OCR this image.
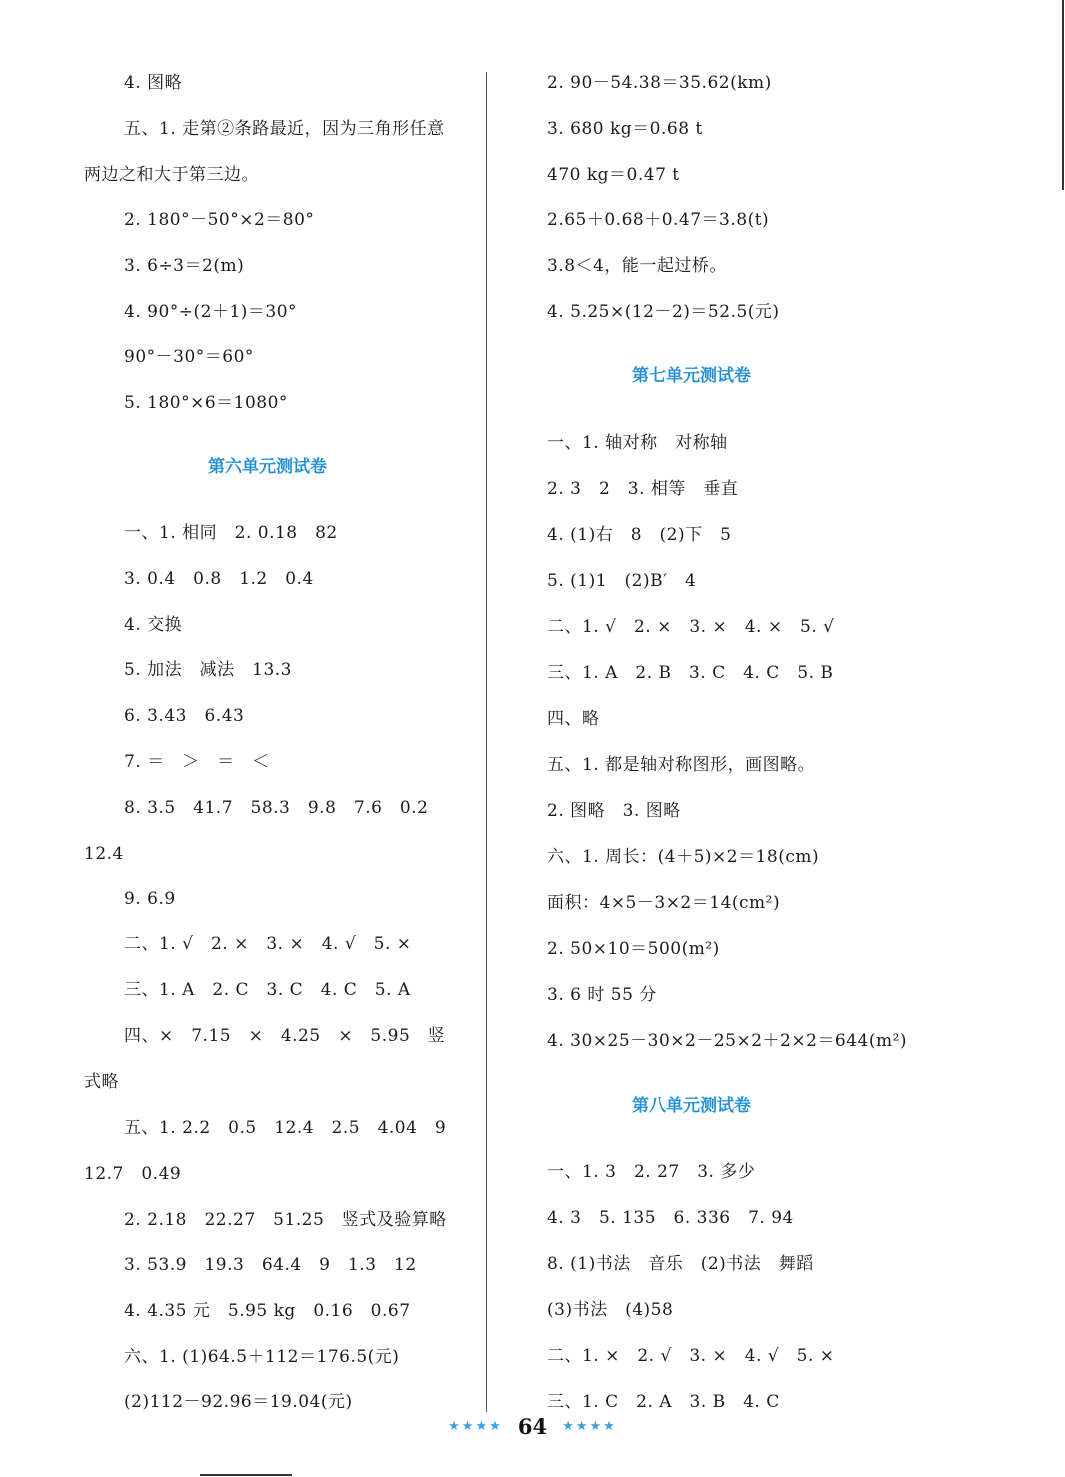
4. 图略
五、1. 走第②条路最近，因为三角形任意
两边之和大于第三边。
2. 180°－50°×2＝80°
3. 6÷3＝2(m)
4. 90°÷(2＋1)＝30°
90°－30°＝60°
5. 180°×6＝1080°
第六单元测试卷
一、1. 相同　2. 0.18　82
3. 0.4　0.8　1.2　0.4
4. 交换
5. 加法　减法　13.3
6. 3.43　6.43
7. ＝　＞　＝　＜
8. 3.5　41.7　58.3　9.8　7.6　0.2
12.4
9. 6.9
二、1. √　2. ×　3. ×　4. √　5. ×
三、1. A　2. C　3. C　4. C　5. A
四、×　7.15　×　4.25　×　5.95　竖
式略
五、1. 2.2　0.5　12.4　2.5　4.04　9
12.7　0.49
2. 2.18　22.27　51.25　竖式及验算略
3. 53.9　19.3　64.4　9　1.3　12
4. 4.35 元　5.95 kg　0.16　0.67
六、1. (1)64.5＋112＝176.5(元)
(2)112－92.96＝19.04(元)
2. 90－54.38＝35.62(km)
3. 680 kg＝0.68 t
470 kg＝0.47 t
2.65＋0.68＋0.47＝3.8(t)
3.8＜4，能一起过桥。
4. 5.25×(12－2)＝52.5(元)
第七单元测试卷
一、1. 轴对称　对称轴
2. 3　2　3. 相等　垂直
4. (1)右　8　(2)下　5
5. (1)1　(2)B′　4
二、1. √　2. ×　3. ×　4. ×　5. √
三、1. A　2. B　3. C　4. C　5. B
四、略
五、1. 都是轴对称图形，画图略。
2. 图略　3. 图略
六、1. 周长：(4＋5)×2＝18(cm)
面积：4×5－3×2＝14(cm²)
2. 50×10＝500(m²)
3. 6 时 55 分
4. 30×25－30×2－25×2＋2×2＝644(m²)
第八单元测试卷
一、1. 3　2. 27　3. 多少
4. 3　5. 135　6. 336　7. 94
8. (1)书法　音乐　(2)书法　舞蹈
(3)书法　(4)58
二、1. ×　2. √　3. ×　4. √　5. ×
三、1. C　2. A　3. B　4. C
★★★★ 64 ★★★★
